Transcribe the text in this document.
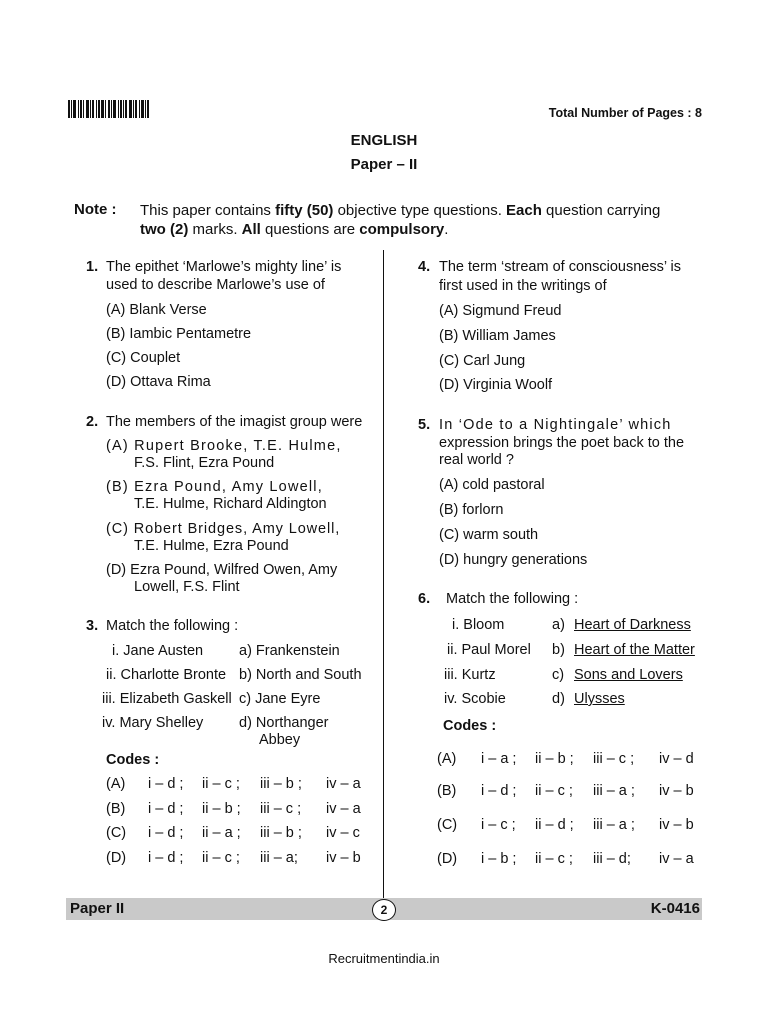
Total Number of Pages : 8
ENGLISH
Paper – II
Note : This paper contains fifty (50) objective type questions. Each question carrying
two (2) marks. All questions are compulsory.
1. The epithet ‘Marlowe’s mighty line’ is
used to describe Marlowe’s use of
(A) Blank Verse
(B) Iambic Pentametre
(C) Couplet
(D) Ottava Rima
2. The members of the imagist group were
(A) Rupert Brooke, T.E. Hulme,
F.S. Flint, Ezra Pound
(B) Ezra Pound, Amy Lowell,
T.E. Hulme, Richard Aldington
(C) Robert Bridges, Amy Lowell,
T.E. Hulme, Ezra Pound
(D) Ezra Pound, Wilfred Owen, Amy
Lowell, F.S. Flint
3. Match the following :
i. Jane Austen
ii. Charlotte Bronte
iii. Elizabeth Gaskell
iv. Mary Shelley
a) Frankenstein
b) North and South
c) Jane Eyre
d) Northanger
Abbey
Codes :
(A) i – d ; ii – c ; iii – b ; iv – a
(B) i – d ; ii – b ; iii – c ; iv – a
(C) i – d ; ii – a ; iii – b ; iv – c
(D) i – d ; ii – c ; iii – a; iv – b
4. The term ‘stream of consciousness’ is
first used in the writings of
(A) Sigmund Freud
(B) William James
(C) Carl Jung
(D) Virginia Woolf
5. In ‘Ode to a Nightingale’ which
expression brings the poet back to the
real world ?
(A) cold pastoral
(B) forlorn
(C) warm south
(D) hungry generations
6. Match the following :
i. Bloom
ii. Paul Morel
iii. Kurtz
iv. Scobie
a)
b)
c)
d)
Heart of Darkness
Heart of the Matter
Sons and Lovers
Ulysses
Codes :
(A) i – a ; ii – b ; iii – c ; iv – d
(B) i – d ; ii – c ; iii – a ; iv – b
(C) i – c ; ii – d ; iii – a ; iv – b
(D) i – b ; ii – c ; iii – d; iv – a
Paper II	2	K-0416
Recruitmentindia.in
